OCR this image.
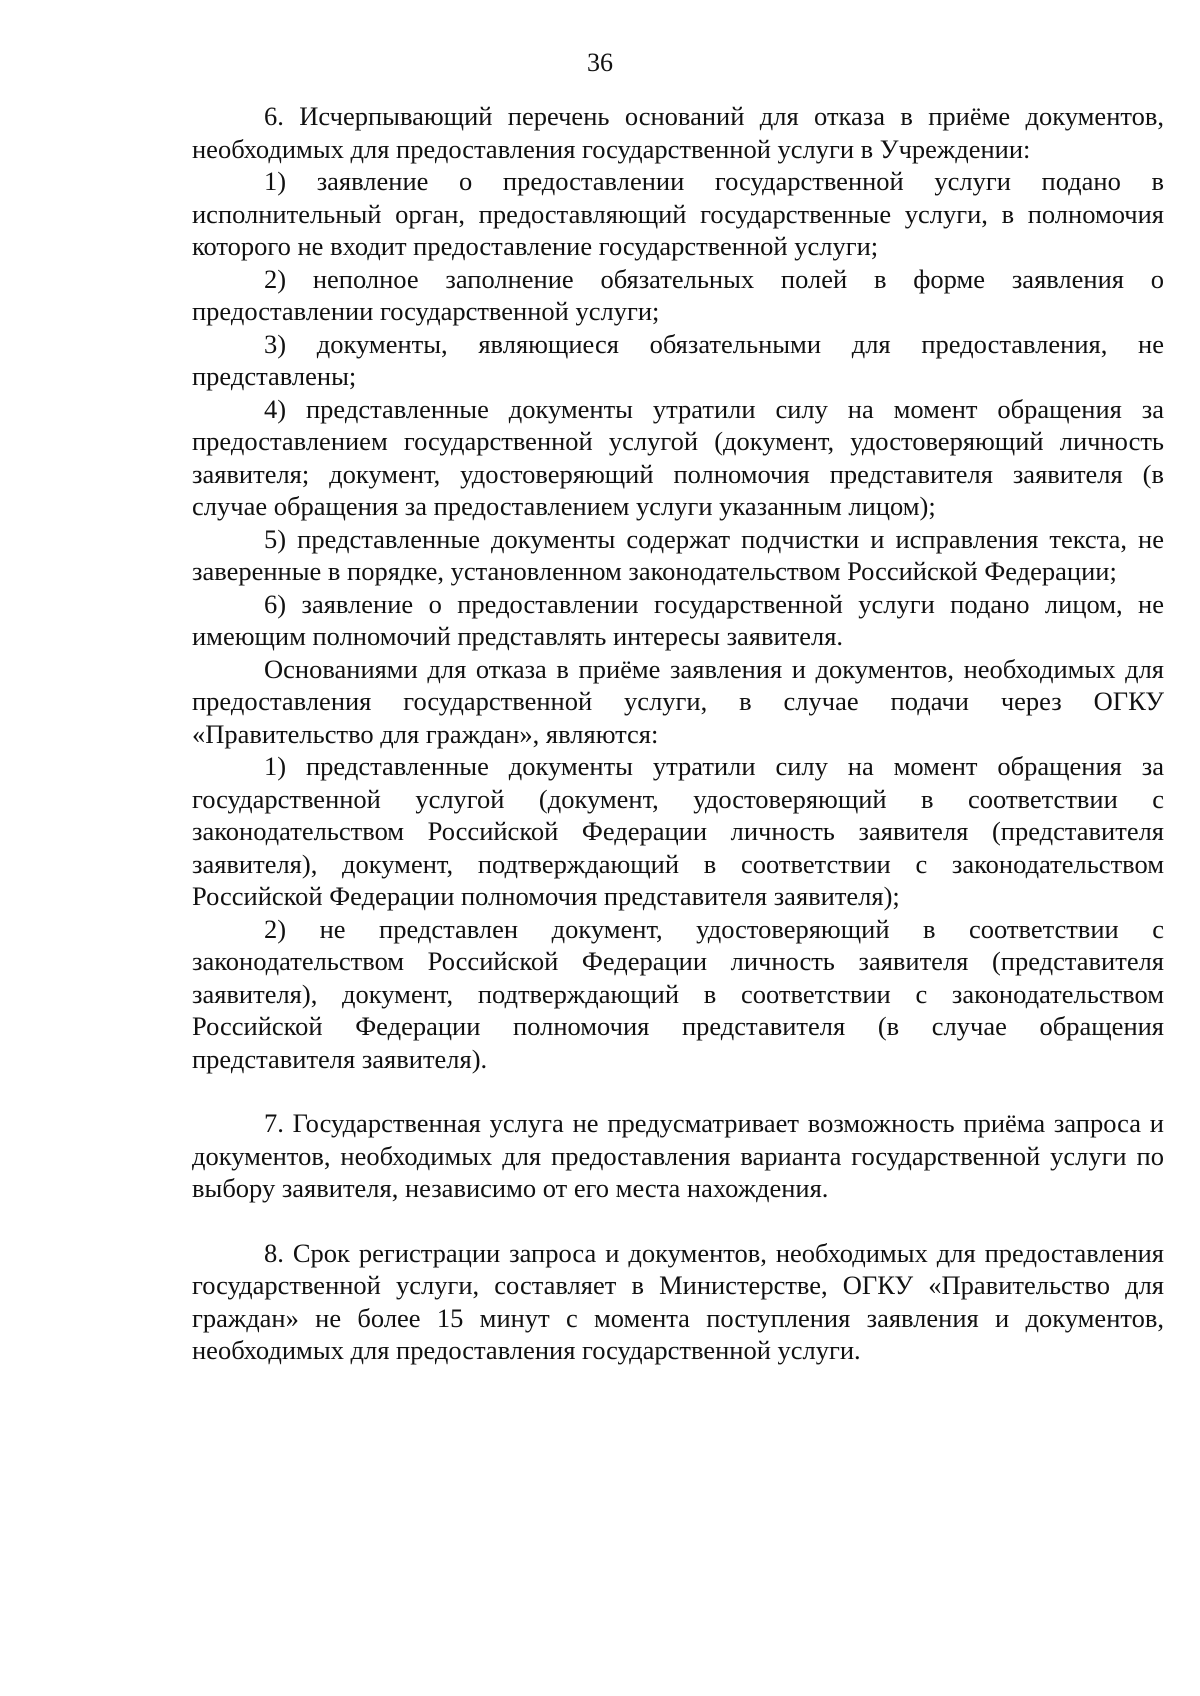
36

6. Исчерпывающий перечень оснований для отказа в приёме документов, необходимых для предоставления государственной услуги в Учреждении:

1) заявление о предоставлении государственной услуги подано в исполнительный орган, предоставляющий государственные услуги, в полномочия которого не входит предоставление государственной услуги;

2) неполное заполнение обязательных полей в форме заявления о предоставлении государственной услуги;

3) документы, являющиеся обязательными для предоставления, не представлены;

4) представленные документы утратили силу на момент обращения за предоставлением государственной услугой (документ, удостоверяющий личность заявителя; документ, удостоверяющий полномочия представителя заявителя (в случае обращения за предоставлением услуги указанным лицом);

5) представленные документы содержат подчистки и исправления текста, не заверенные в порядке, установленном законодательством Российской Федерации;

6) заявление о предоставлении государственной услуги подано лицом, не имеющим полномочий представлять интересы заявителя.

Основаниями для отказа в приёме заявления и документов, необходимых для предоставления государственной услуги, в случае подачи через ОГКУ «Правительство для граждан», являются:

1) представленные документы утратили силу на момент обращения за государственной услугой (документ, удостоверяющий в соответствии с законодательством Российской Федерации личность заявителя (представителя заявителя), документ, подтверждающий в соответствии с законодательством Российской Федерации полномочия представителя заявителя);

2) не представлен документ, удостоверяющий в соответствии с законодательством Российской Федерации личность заявителя (представителя заявителя), документ, подтверждающий в соответствии с законодательством Российской Федерации полномочия представителя (в случае обращения представителя заявителя).

7. Государственная услуга не предусматривает возможность приёма запроса и документов, необходимых для предоставления варианта государственной услуги по выбору заявителя, независимо от его места нахождения.

8. Срок регистрации запроса и документов, необходимых для предоставления государственной услуги, составляет в Министерстве, ОГКУ «Правительство для граждан» не более 15 минут с момента поступления заявления и документов, необходимых для предоставления государственной услуги.
